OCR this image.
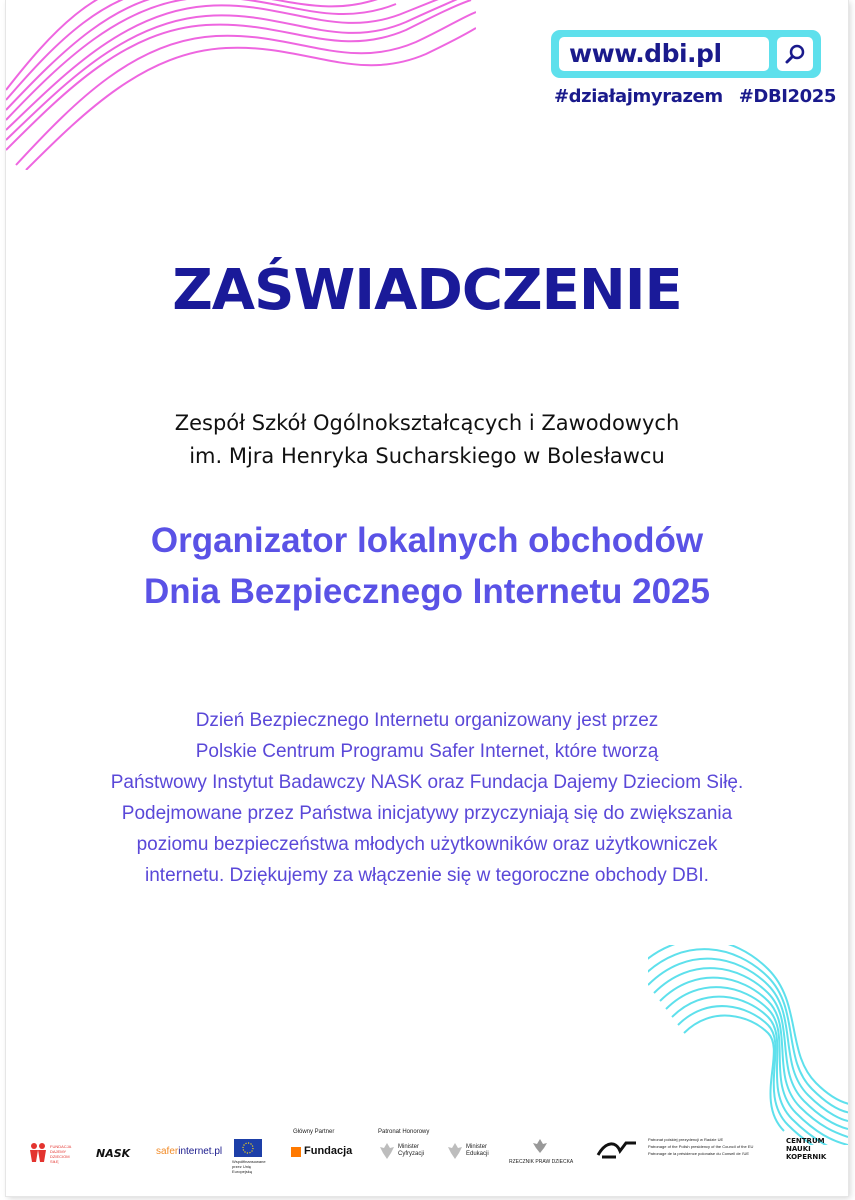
www.dbi.pl
#działajmyrazem #DBI2025
ZAŚWIADCZENIE
Zespół Szkół Ogólnokształcących i Zawodowych
im. Mjra Henryka Sucharskiego w Bolesławcu
Organizator lokalnych obchodów
Dnia Bezpiecznego Internetu 2025
Dzień Bezpiecznego Internetu organizowany jest przez
Polskie Centrum Programu Safer Internet, które tworzą
Państwowy Instytut Badawczy NASK oraz Fundacja Dajemy Dzieciom Siłę.
Podejmowane przez Państwa inicjatywy przyczyniają się do zwiększania
poziomu bezpieczeństwa młodych użytkowników oraz użytkowniczek
internetu. Dziękujemy za włączenie się w tegoroczne obchody DBI.
FUNDACJA DAJEMY DZIECIOM SIŁĘ
NASK	saferinternet.pl
Współfinansowane przez Unię Europejską
Główny Partner
Fundacja
Patronat Honorowy
Minister Cyfryzacji
Minister Edukacji
RZECZNIK PRAW DZIECKA
Patronat polskiej prezydencji w Radzie UE
Patronage of the Polish presidency of the Council of the EU
Patronage de la présidence polonaise du Conseil de l'UE
CENTRUM
NAUKI
KOPERNIK
